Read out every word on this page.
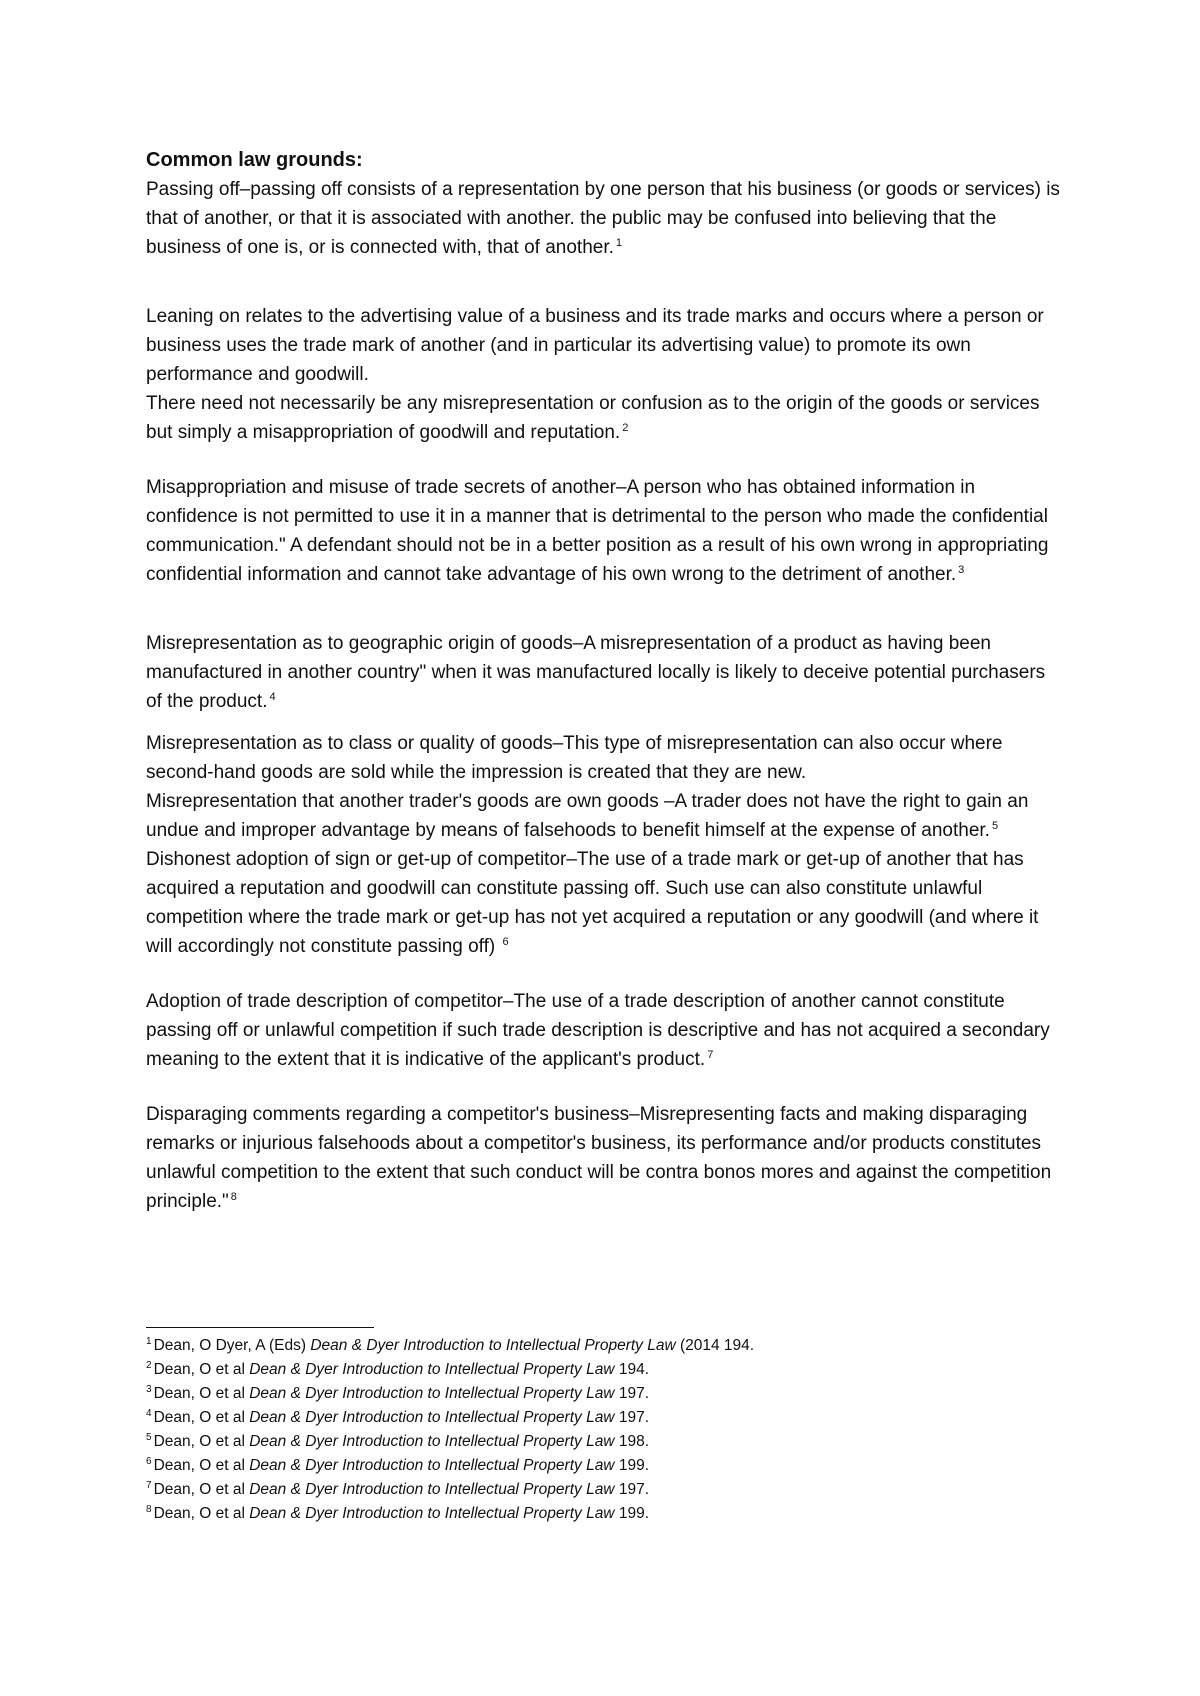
Common law grounds:

Passing off–passing off consists of a representation by one person that his business (or goods or services) is that of another, or that it is associated with another. the public may be confused into believing that the business of one is, or is connected with, that of another. $^1$

Leaning on relates to the advertising value of a business and its trade marks and occurs where a person or business uses the trade mark of another (and in particular its advertising value) to promote its own performance and goodwill.

There need not necessarily be any misrepresentation or confusion as to the origin of the goods or services but simply a misappropriation of goodwill and reputation. $^2$

Misappropriation and misuse of trade secrets of another–A person who has obtained information in confidence is not permitted to use it in a manner that is detrimental to the person who made the confidential communication." A defendant should not be in a better position as a result of his own wrong in appropriating confidential information and cannot take advantage of his own wrong to the detriment of another. $^3$

Misrepresentation as to geographic origin of goods–A misrepresentation of a product as having been manufactured in another country" when it was manufactured locally is likely to deceive potential purchasers of the product. $^4$

Misrepresentation as to class or quality of goods–This type of misrepresentation can also occur where second-hand goods are sold while the impression is created that they are new.

Misrepresentation that another trader's goods are own goods –A trader does not have the right to gain an undue and improper advantage by means of falsehoods to benefit himself at the expense of another. $^5$

Dishonest adoption of sign or get-up of competitor–The use of a trade mark or get-up of another that has acquired a reputation and goodwill can constitute passing off. Such use can also constitute unlawful competition where the trade mark or get-up has not yet acquired a reputation or any goodwill (and where it will accordingly not constitute passing off) $^6$

Adoption of trade description of competitor–The use of a trade description of another cannot constitute passing off or unlawful competition if such trade description is descriptive and has not acquired a secondary meaning to the extent that it is indicative of the applicant's product. $^7$

Disparaging comments regarding a competitor's business–Misrepresenting facts and making disparaging remarks or injurious falsehoods about a competitor's business, its performance and/or products constitutes unlawful competition to the extent that such conduct will be contra bonos mores and against the competition principle." $^8$

$^1$ Dean, O Dyer, A (Eds) Dean & Dyer Introduction to Intellectual Property Law (2014 194.
$^2$ Dean, O et al Dean & Dyer Introduction to Intellectual Property Law 194.
$^3$ Dean, O et al Dean & Dyer Introduction to Intellectual Property Law 197.
$^4$ Dean, O et al Dean & Dyer Introduction to Intellectual Property Law 197.
$^5$ Dean, O et al Dean & Dyer Introduction to Intellectual Property Law 198.
$^6$ Dean, O et al Dean & Dyer Introduction to Intellectual Property Law 199.
$^7$ Dean, O et al Dean & Dyer Introduction to Intellectual Property Law 197.
$^8$ Dean, O et al Dean & Dyer Introduction to Intellectual Property Law 199.
